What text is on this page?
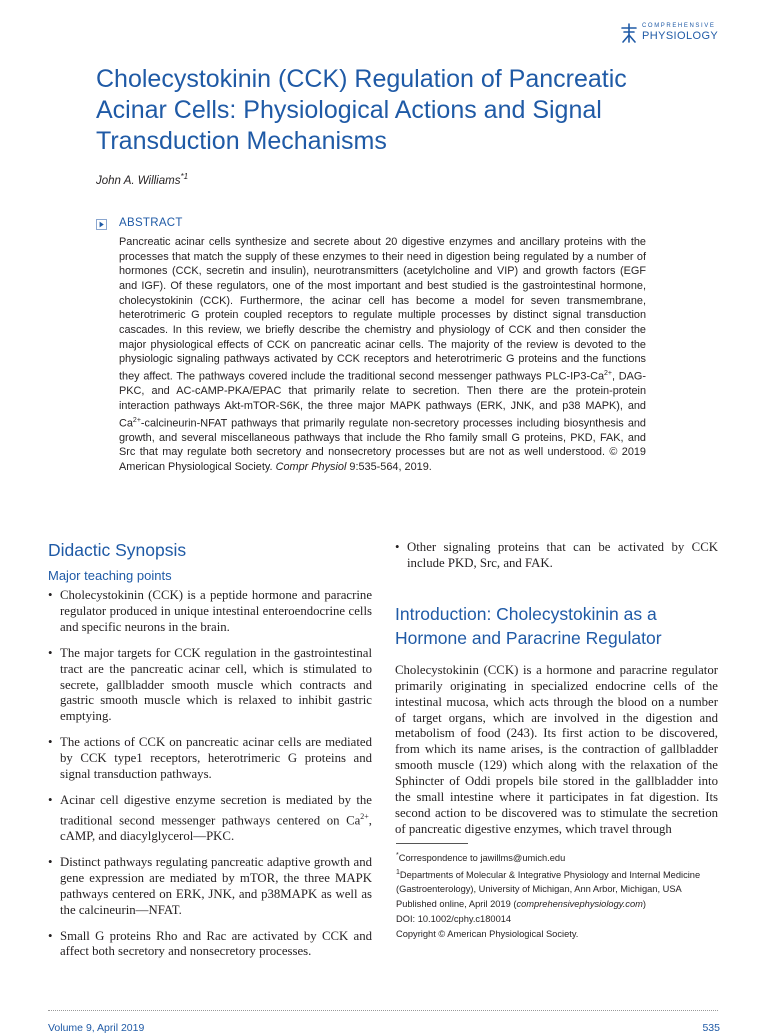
COMPREHENSIVE
PHYSIOLOGY
Cholecystokinin (CCK) Regulation of Pancreatic Acinar Cells: Physiological Actions and Signal Transduction Mechanisms
John A. Williams$^{*1}$
ABSTRACT

Pancreatic acinar cells synthesize and secrete about 20 digestive enzymes and ancillary proteins with the processes that match the supply of these enzymes to their need in digestion being regulated by a number of hormones (CCK, secretin and insulin), neurotransmitters (acetylcholine and VIP) and growth factors (EGF and IGF). Of these regulators, one of the most important and best studied is the gastrointestinal hormone, cholecystokinin (CCK). Furthermore, the acinar cell has become a model for seven transmembrane, heterotrimeric G protein coupled receptors to regulate multiple processes by distinct signal transduction cascades. In this review, we briefly describe the chemistry and physiology of CCK and then consider the major physiological effects of CCK on pancreatic acinar cells. The majority of the review is devoted to the physiologic signaling pathways activated by CCK receptors and heterotrimeric G proteins and the functions they affect. The pathways covered include the traditional second messenger pathways PLC-$IP3-Ca^{2+}$, DAG-PKC, and AC-cAMP-PKA/EPAC that primarily relate to secretion. Then there are the protein-protein interaction pathways Akt-mTOR-S6K, the three major MAPK pathways (ERK, JNK, and p38 MAPK), and $Ca^{2+}-calcineurin$-NFAT pathways that primarily regulate non-secretory processes including biosynthesis and growth, and several miscellaneous pathways that include the Rho family small G proteins, PKD, FAK, and Src that may regulate both secretory and nonsecretory processes but are not as well understood. © 2019 American Physiological Society. Compr Physiol 9:535-564, 2019.

Didactic Synopsis
Major teaching points
• Cholecystokinin (CCK) is a peptide hormone and paracrine regulator produced in unique intestinal enteroendocrine cells and specific neurons in the brain.
• The major targets for CCK regulation in the gastrointestinal tract are the pancreatic acinar cell, which is stimulated to secrete, gallbladder smooth muscle which contracts and gastric smooth muscle which is relaxed to inhibit gastric emptying.
• The actions of CCK on pancreatic acinar cells are mediated by CCK type1 receptors, heterotrimeric G proteins and signal transduction pathways.
• Acinar cell digestive enzyme secretion is mediated by the traditional second messenger pathways centered on $Ca^{2+}$, cAMP, and diacylglycerol—PKC.
• Distinct pathways regulating pancreatic adaptive growth and gene expression are mediated by mTOR, the three MAPK pathways centered on ERK, JNK, and p38MAPK as well as the calcineurin—NFAT.
• Small G proteins Rho and Rac are activated by CCK and affect both secretory and nonsecretory processes.
• Other signaling proteins that can be activated by CCK include PKD, Src, and FAK.
Introduction: Cholecystokinin as a Hormone and Paracrine Regulator

Cholecystokinin (CCK) is a hormone and paracrine regulator primarily originating in specialized endocrine cells of the intestinal mucosa, which acts through the blood on a number of target organs, which are involved in the digestion and metabolism of food (243). Its first action to be discovered, from which its name arises, is the contraction of gallbladder smooth muscle (129) which along with the relaxation of the Sphincter of Oddi propels bile stored in the gallbladder into the small intestine where it participates in fat digestion. Its second action to be discovered was to stimulate the secretion of pancreatic digestive enzymes, which travel through

*Correspondence to jawillms@umich.edu

$^1$Departments of Molecular & Integrative Physiology and Internal Medicine (Gastroenterology), University of Michigan, Ann Arbor, Michigan, USA

Published online, April 2019 (comprehensivephysiology.com)

DOI: 10.1002/cphy.c180014

Copyright © American Physiological Society.

Volume 9, April 2019	535
